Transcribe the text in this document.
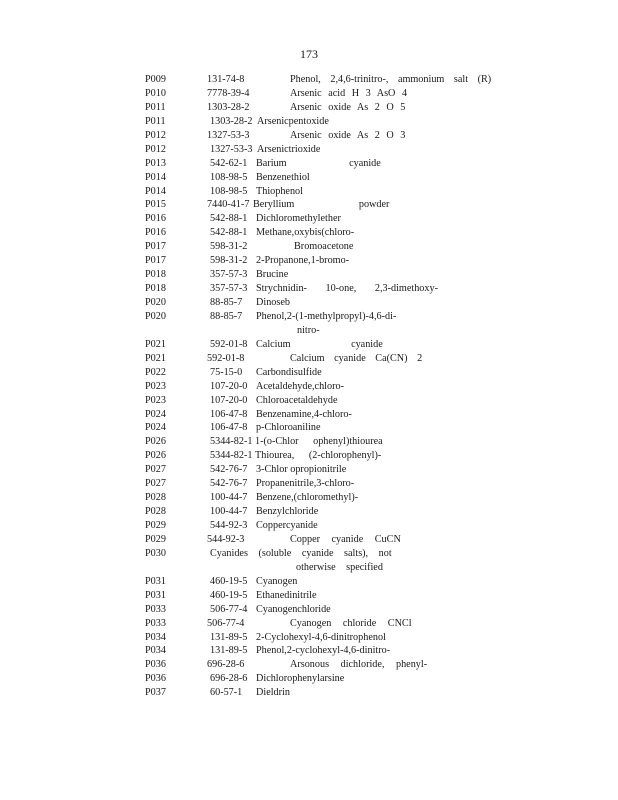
173
P009	131-74-8	Phenol, 2,4,6-trinitro-, ammonium salt (R)
P010	7778-39-4	Arsenic acid H 3 AsO 4
P011	1303-28-2	Arsenic oxide As 2 O 5
P011	1303-28-2 Arsenicpentoxide
P012	1327-53-3	Arsenic oxide As 2 O 3
P012	1327-53-3 Arsenictrioxide
P013	542-62-1 Barium cyanide
P014	108-98-5 Benzenethiol
P014	108-98-5 Thiophenol
P015	7440-41-7 Beryllium powder
P016	542-88-1 Dichloromethylether
P016	542-88-1 Methane,oxybis(chloro-
P017	598-31-2	Bromoacetone
P017	598-31-2 2-Propanone,1-bromo-
P018	357-57-3 Brucine
P018	357-57-3 Strychnidin- 10-one, 2,3-dimethoxy-
P020	88-85-7 Dinoseb
P020	88-85-7 Phenol,2-(1-methylpropyl)-4,6-di-
nitro-
P021	592-01-8 Calcium cyanide
P021	592-01-8	Calcium cyanide Ca(CN) 2
P022	75-15-0 Carbondisulfide
P023	107-20-0 Acetaldehyde,chloro-
P023	107-20-0 Chloroacetaldehyde
P024	106-47-8 Benzenamine,4-chloro-
P024	106-47-8 p-Chloroaniline
P026	5344-82-1 1-(o-Chlor ophenyl)thiourea
P026	5344-82-1 Thiourea, (2-chlorophenyl)-
P027	542-76-7 3-Chlor opropionitrile
P027	542-76-7 Propanenitrile,3-chloro-
P028	100-44-7 Benzene,(chloromethyl)-
P028	100-44-7 Benzylchloride
P029	544-92-3 Coppercyanide
P029	544-92-3	Copper cyanide CuCN
P030	Cyanides (soluble cyanide salts), not
otherwise specified
P031	460-19-5 Cyanogen
P031	460-19-5 Ethanedinitrile
P033	506-77-4 Cyanogenchloride
P033	506-77-4	Cyanogen chloride CNCl
P034	131-89-5 2-Cyclohexyl-4,6-dinitrophenol
P034	131-89-5 Phenol,2-cyclohexyl-4,6-dinitro-
P036	696-28-6	Arsonous dichloride, phenyl-
P036	696-28-6 Dichlorophenylarsine
P037	60-57-1 Dieldrin
